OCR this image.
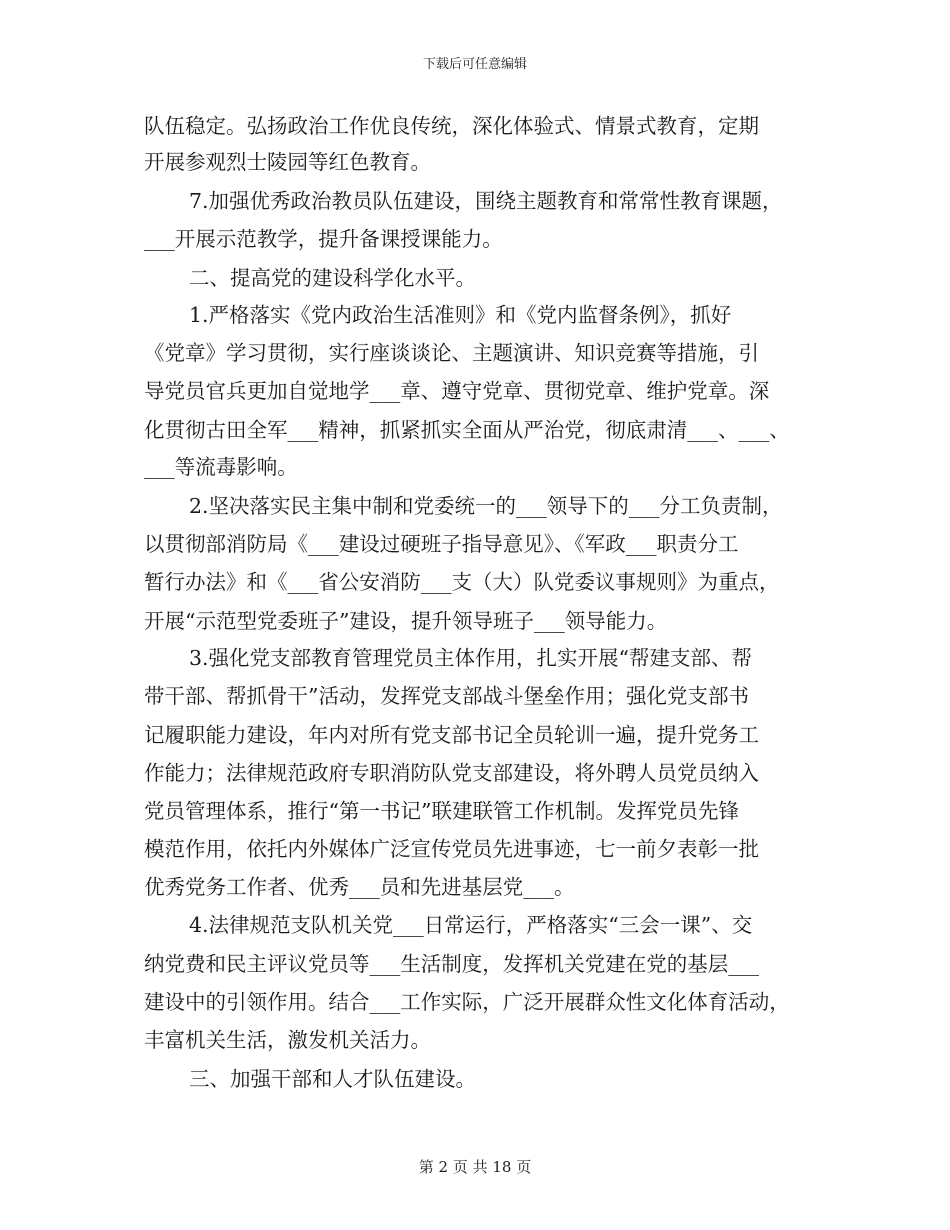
下载后可任意编辑
队伍稳定。弘扬政治工作优良传统，深化体验式、情景式教育，定期
开展参观烈士陵园等红色教育。
7.加强优秀政治教员队伍建设，围绕主题教育和常常性教育课题，
___开展示范教学，提升备课授课能力。
二、提高党的建设科学化水平。
1.严格落实《党内政治生活准则》和《党内监督条例》，抓好
《党章》学习贯彻，实行座谈谈论、主题演讲、知识竞赛等措施，引
导党员官兵更加自觉地学___章、遵守党章、贯彻党章、维护党章。深
化贯彻古田全军___精神，抓紧抓实全面从严治党，彻底肃清___、___、
___等流毒影响。
2.坚决落实民主集中制和党委统一的___领导下的___分工负责制，
以贯彻部消防局《___建设过硬班子指导意见》、《军政___职责分工
暂行办法》和《___省公安消防___支（大）队党委议事规则》为重点，
开展“示范型党委班子”建设，提升领导班子___领导能力。
3.强化党支部教育管理党员主体作用，扎实开展“帮建支部、帮
带干部、帮抓骨干”活动，发挥党支部战斗堡垒作用；强化党支部书
记履职能力建设，年内对所有党支部书记全员轮训一遍，提升党务工
作能力；法律规范政府专职消防队党支部建设，将外聘人员党员纳入
党员管理体系，推行“第一书记”联建联管工作机制。发挥党员先锋
模范作用，依托内外媒体广泛宣传党员先进事迹，七一前夕表彰一批
优秀党务工作者、优秀___员和先进基层党___。
4.法律规范支队机关党___日常运行，严格落实“三会一课”、交
纳党费和民主评议党员等___生活制度，发挥机关党建在党的基层___
建设中的引领作用。结合___工作实际，广泛开展群众性文化体育活动，
丰富机关生活，激发机关活力。
三、加强干部和人才队伍建设。
第 2 页 共 18 页
